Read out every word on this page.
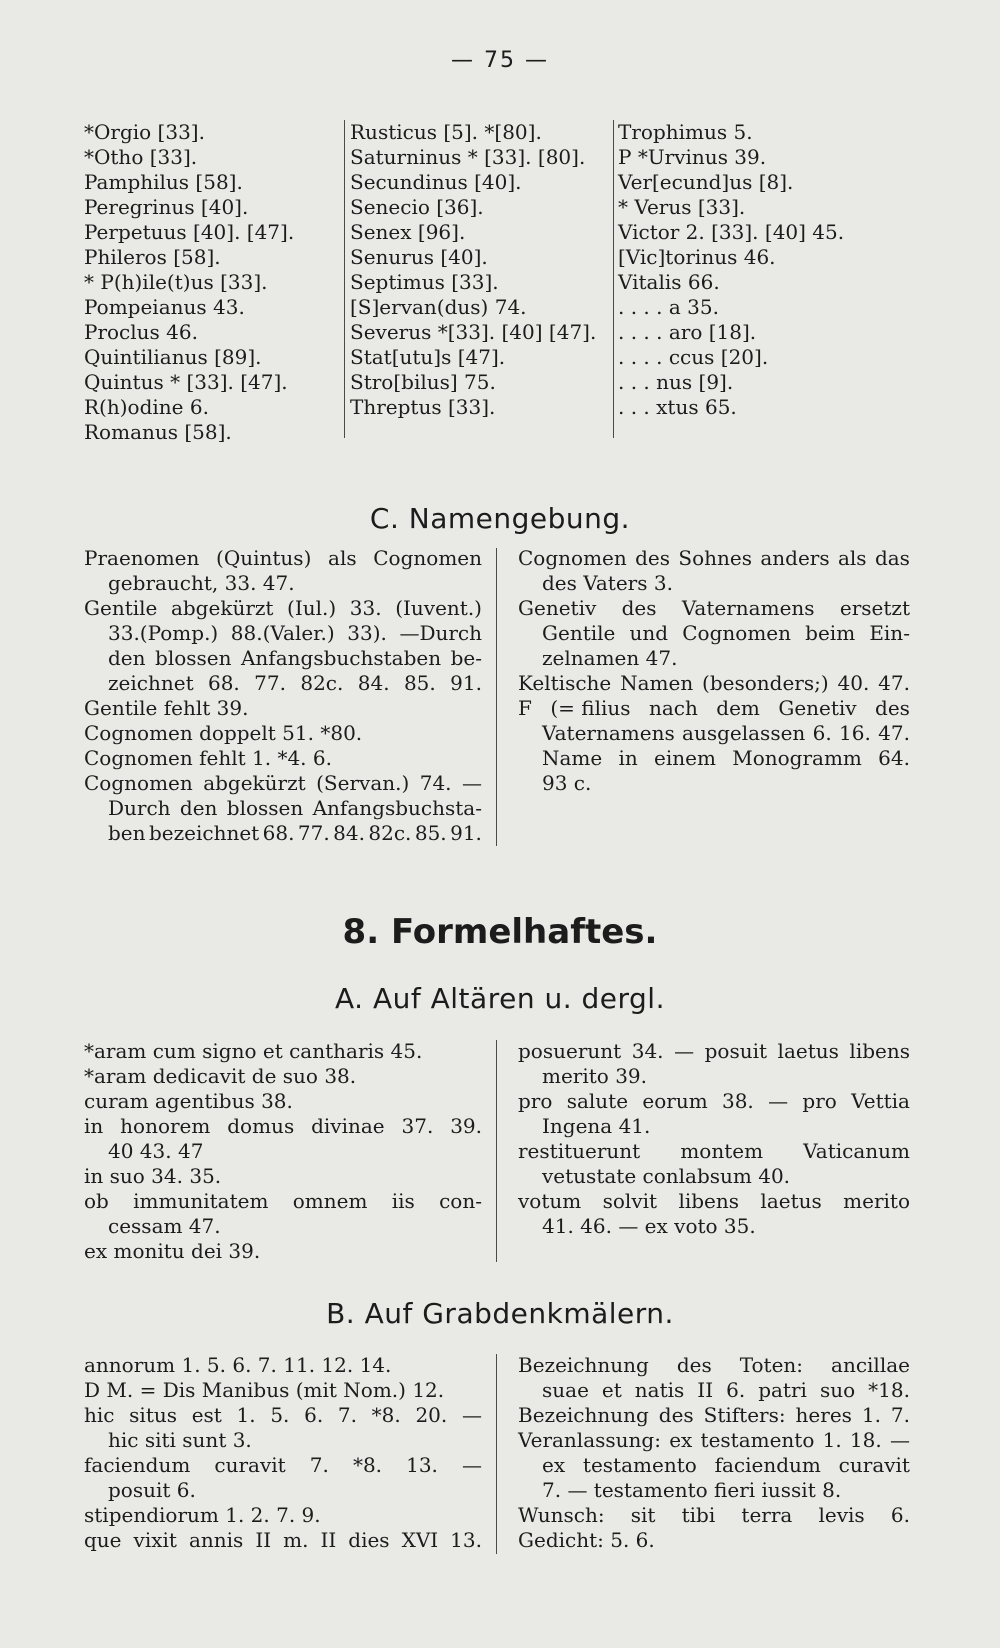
— 75 —
*Orgio [33].
*Otho [33].
Pamphilus [58].
Peregrinus [40].
Perpetuus [40]. [47].
Phileros [58].
* P(h)ile(t)us [33].
Pompeianus 43.
Proclus 46.
Quintilianus [89].
Quintus * [33]. [47].
R(h)odine 6.
Romanus [58].
Rusticus [5]. *[80].
Saturninus * [33]. [80].
Secundinus [40].
Senecio [36].
Senex [96].
Senurus [40].
Septimus [33].
[S]ervan(dus) 74.
Severus *[33]. [40] [47].
Stat[utu]s [47].
Stro[bilus] 75.
Threptus [33].
Trophimus 5.
P *Urvinus 39.
Ver[ecund]us [8].
* Verus [33].
Victor 2. [33]. [40] 45.
[Vic]torinus 46.
Vitalis 66.
. . . . a 35.
. . . . aro [18].
. . . . ccus [20].
. . . nus [9].
. . . xtus 65.
C. Namengebung.
Praenomen (Quintus) als Cognomen
gebraucht, 33. 47.
Gentile abgekürzt (Iul.) 33. (Iuvent.)
33.(Pomp.) 88.(Valer.) 33). —Durch
den blossen Anfangsbuchstaben be-
zeichnet 68. 77. 82c. 84. 85. 91.
Gentile fehlt 39.
Cognomen doppelt 51. *80.
Cognomen fehlt 1. *4. 6.
Cognomen abgekürzt (Servan.) 74. —
Durch den blossen Anfangsbuchsta-
ben bezeichnet 68. 77. 84. 82c. 85. 91.
Cognomen des Sohnes anders als das
des Vaters 3.
Genetiv des Vaternamens ersetzt
Gentile und Cognomen beim Ein-
zelnamen 47.
Keltische Namen (besonders;) 40. 47.
F (= filius nach dem Genetiv des
Vaternamens ausgelassen 6. 16. 47.
Name in einem Monogramm 64.
93 c.
8. Formelhaftes.
A. Auf Altären u. dergl.
*aram cum signo et cantharis 45.
*aram dedicavit de suo 38.
curam agentibus 38.
in honorem domus divinae 37. 39.
40 43. 47
in suo 34. 35.
ob immunitatem omnem iis con-
cessam 47.
ex monitu dei 39.
posuerunt 34. — posuit laetus libens
merito 39.
pro salute eorum 38. — pro Vettia
Ingena 41.
restituerunt montem Vaticanum
vetustate conlabsum 40.
votum solvit libens laetus merito
41. 46. — ex voto 35.
B. Auf Grabdenkmälern.
annorum 1. 5. 6. 7. 11. 12. 14.
D M. = Dis Manibus (mit Nom.) 12.
hic situs est 1. 5. 6. 7. *8. 20. —
hic siti sunt 3.
faciendum curavit 7. *8. 13. —
posuit 6.
stipendiorum 1. 2. 7. 9.
que vixit annis II m. II dies XVI 13.
Bezeichnung des Toten: ancillae
suae et natis II 6. patri suo *18.
Bezeichnung des Stifters: heres 1. 7.
Veranlassung: ex testamento 1. 18. —
ex testamento faciendum curavit
7. — testamento fieri iussit 8.
Wunsch: sit tibi terra levis 6.
Gedicht: 5. 6.
